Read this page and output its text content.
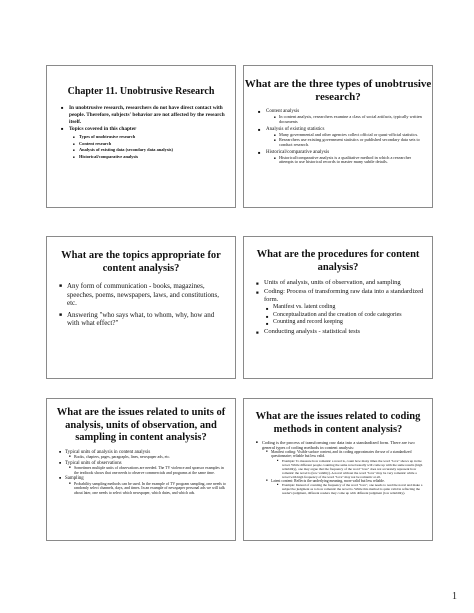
Chapter 11. Unobtrusive Research
■ In unobtrusive research, researchers do not have direct contact with people. Therefore, subjects' behavior are not affected by the research itself.
■ Topics covered in this chapter
■ Types of unobtrusive research
■ Content research
■ Analysis of existing data (secondary data analysis)
■ Historical/comparative analysis
What are the three types of unobtrusive research?
■ Content analysis
■ In content analysis, researchers examine a class of social artifacts, typically written documents
■ Analysis of existing statistics
■ Many governmental and other agencies collect official or quasi-official statistics.
■ Researchers use existing government statistics or published secondary data sets to conduct research.
■ Historical/comparative analysis
■ Historical/comparative analysis is a qualitative method in which a researcher attempts to use historical records to master many subtle details.
What are the topics appropriate for content analysis?
■ Any form of communication - books, magazines, speeches, poems, newspapers, laws, and constitutions, etc.
■ Answering "who says what, to whom, why, how and with what effect?"
What are the procedures for content analysis?
■ Units of analysis, units of observation, and sampling
■ Coding: Process of transforming raw data into a standardized form.
■ Manifest vs. latent coding
■ Conceptualization and the creation of code categories
■ Counting and record keeping
■ Conducting analysis - statistical tests
What are the issues related to units of analysis, units of observation, and sampling in content analysis?
■ Typical units of analysis in content analysis
■ Books, chapters, pages, paragraphs, lines, newspaper ads, etc.
■ Typical units of observations
■ Sometimes multiple units of observations are needed. The TV violence and sponsor examples in the textbook shows that one needs to observe commercials and programs at the same time.
■ Sampling
■ Probability sampling methods can be used. In the example of TV program sampling, one needs to randomly select channels, days, and times. In an example of newspaper personal ads we will talk about later, one needs to select which newspaper, which dates, and which ads.
What are the issues related to coding methods in content analysis?
■ Coding is the process of transforming raw data into a standardized form. There are two general types of coding methods in content analysis:
■ Manifest coding: Visible surface content, and its coding approximates the use of a standardized questionnaire; reliable but less valid.
■ Example: To measure how romantic a novel is, count how many times the word "love" shows up in the novel. While different people counting the same novel usually will come up with the same results (high reliability), one may argue that the frequency of the word "love" does not accurately represent how romantic the novel is (low validity). A novel without the word "love" may be very romantic while a novel with high frequency of the word "love" may not be romantic at all.
■ Latent content: Reflects the underlying meaning, more valid but less reliable.
■ Example: Instead of counting the frequency of the word "love", one needs to read the novel and make a subjective judgment as to how romantic the novel is. While this method is quite valid in reflecting the reader's judgment, different readers may come up with different judgment (low reliability).
1
